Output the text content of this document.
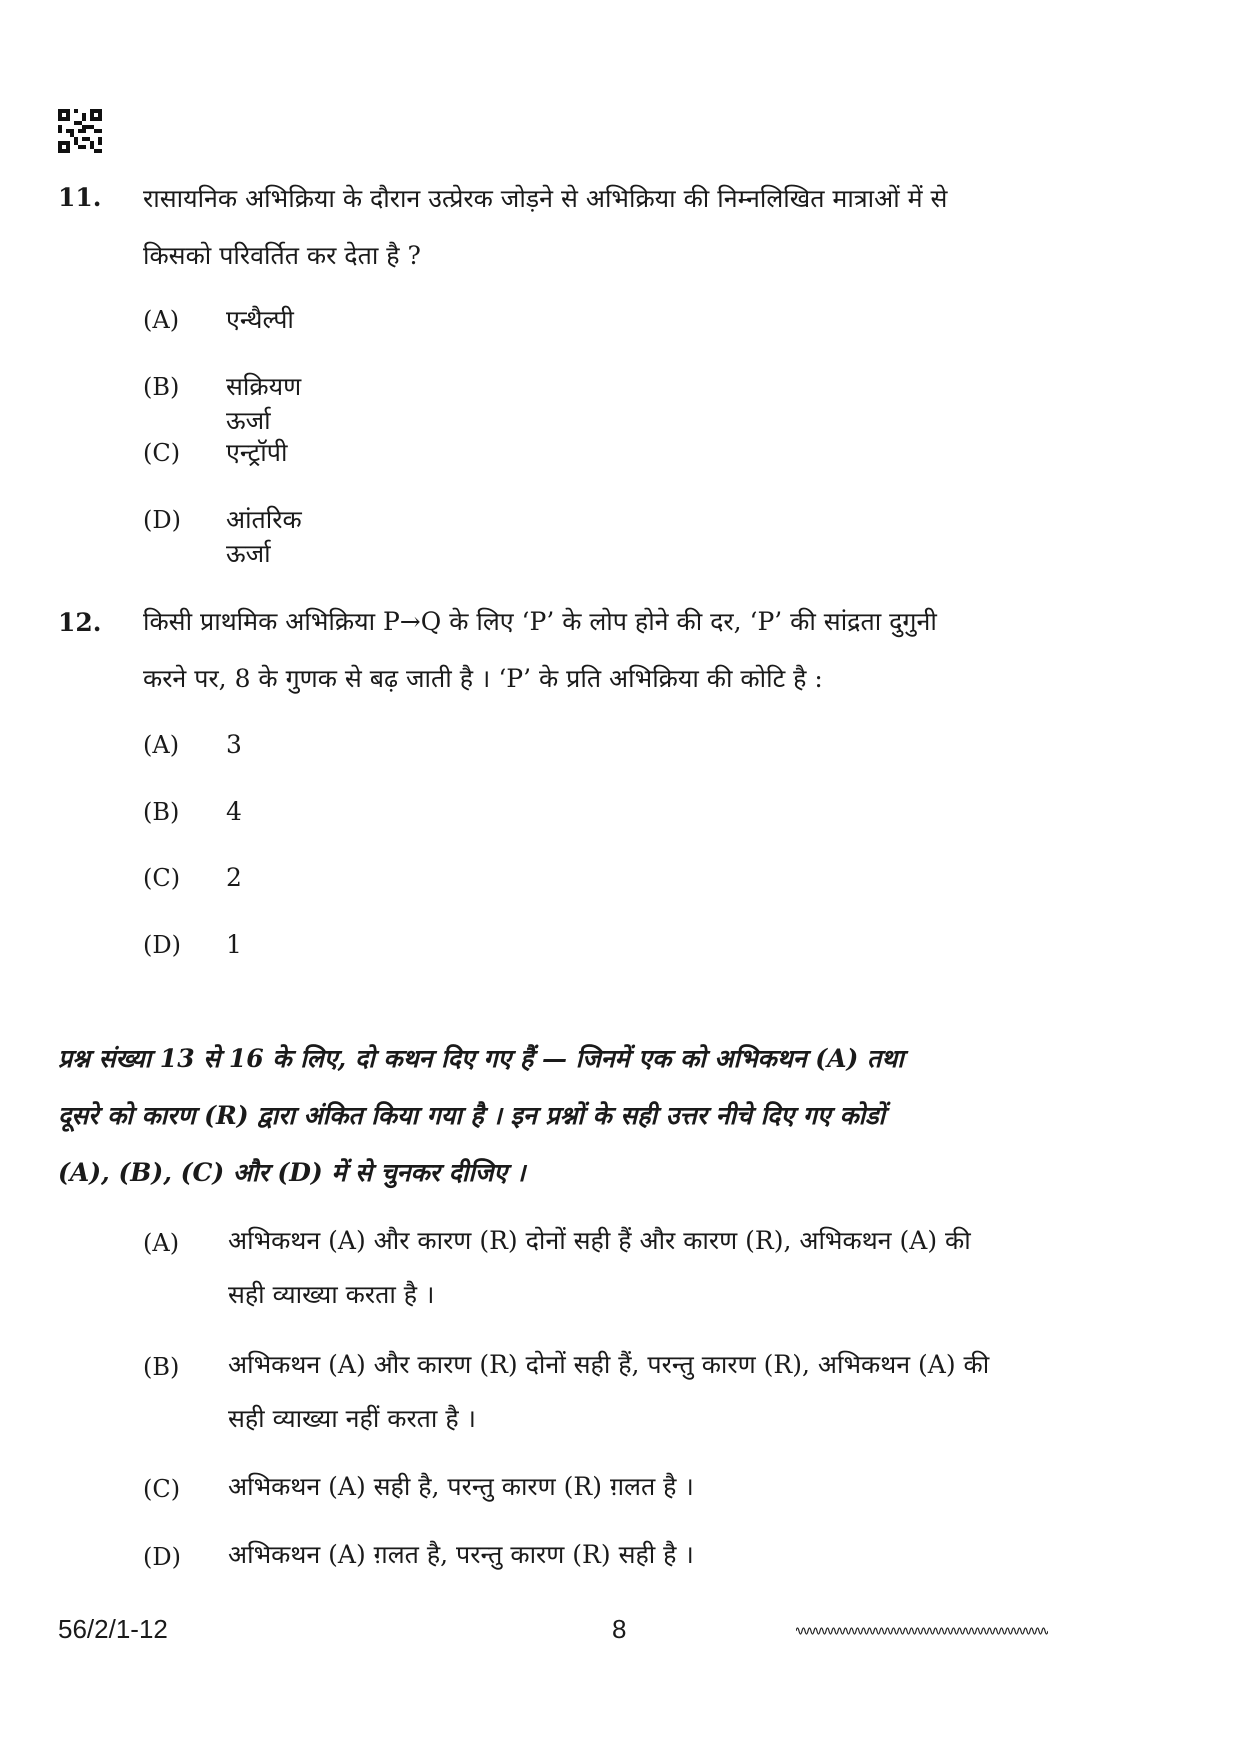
11. रासायनिक अभिक्रिया के दौरान उत्प्रेरक जोड़ने से अभिक्रिया की निम्नलिखित मात्राओं में से
किसको परिवर्तित कर देता है ?
(A) एन्थैल्पी
(B) सक्रियण ऊर्जा
(C) एन्ट्रॉपी
(D) आंतरिक ऊर्जा
12. किसी प्राथमिक अभिक्रिया P→Q के लिए ‘P’ के लोप होने की दर, ‘P’ की सांद्रता दुगुनी
करने पर, 8 के गुणक से बढ़ जाती है । ‘P’ के प्रति अभिक्रिया की कोटि है :
(A) 3
(B) 4
(C) 2
(D) 1
प्रश्न संख्या 13 से 16 के लिए, दो कथन दिए गए हैं — जिनमें एक को अभिकथन (A) तथा
दूसरे को कारण (R) द्वारा अंकित किया गया है । इन प्रश्नों के सही उत्तर नीचे दिए गए कोडों
(A), (B), (C) और (D) में से चुनकर दीजिए ।
(A) अभिकथन (A) और कारण (R) दोनों सही हैं और कारण (R), अभिकथन (A) की
सही व्याख्या करता है ।
(B) अभिकथन (A) और कारण (R) दोनों सही हैं, परन्तु कारण (R), अभिकथन (A) की
सही व्याख्या नहीं करता है ।
(C) अभिकथन (A) सही है, परन्तु कारण (R) ग़लत है ।
(D) अभिकथन (A) ग़लत है, परन्तु कारण (R) सही है ।
56/2/1-12	8
